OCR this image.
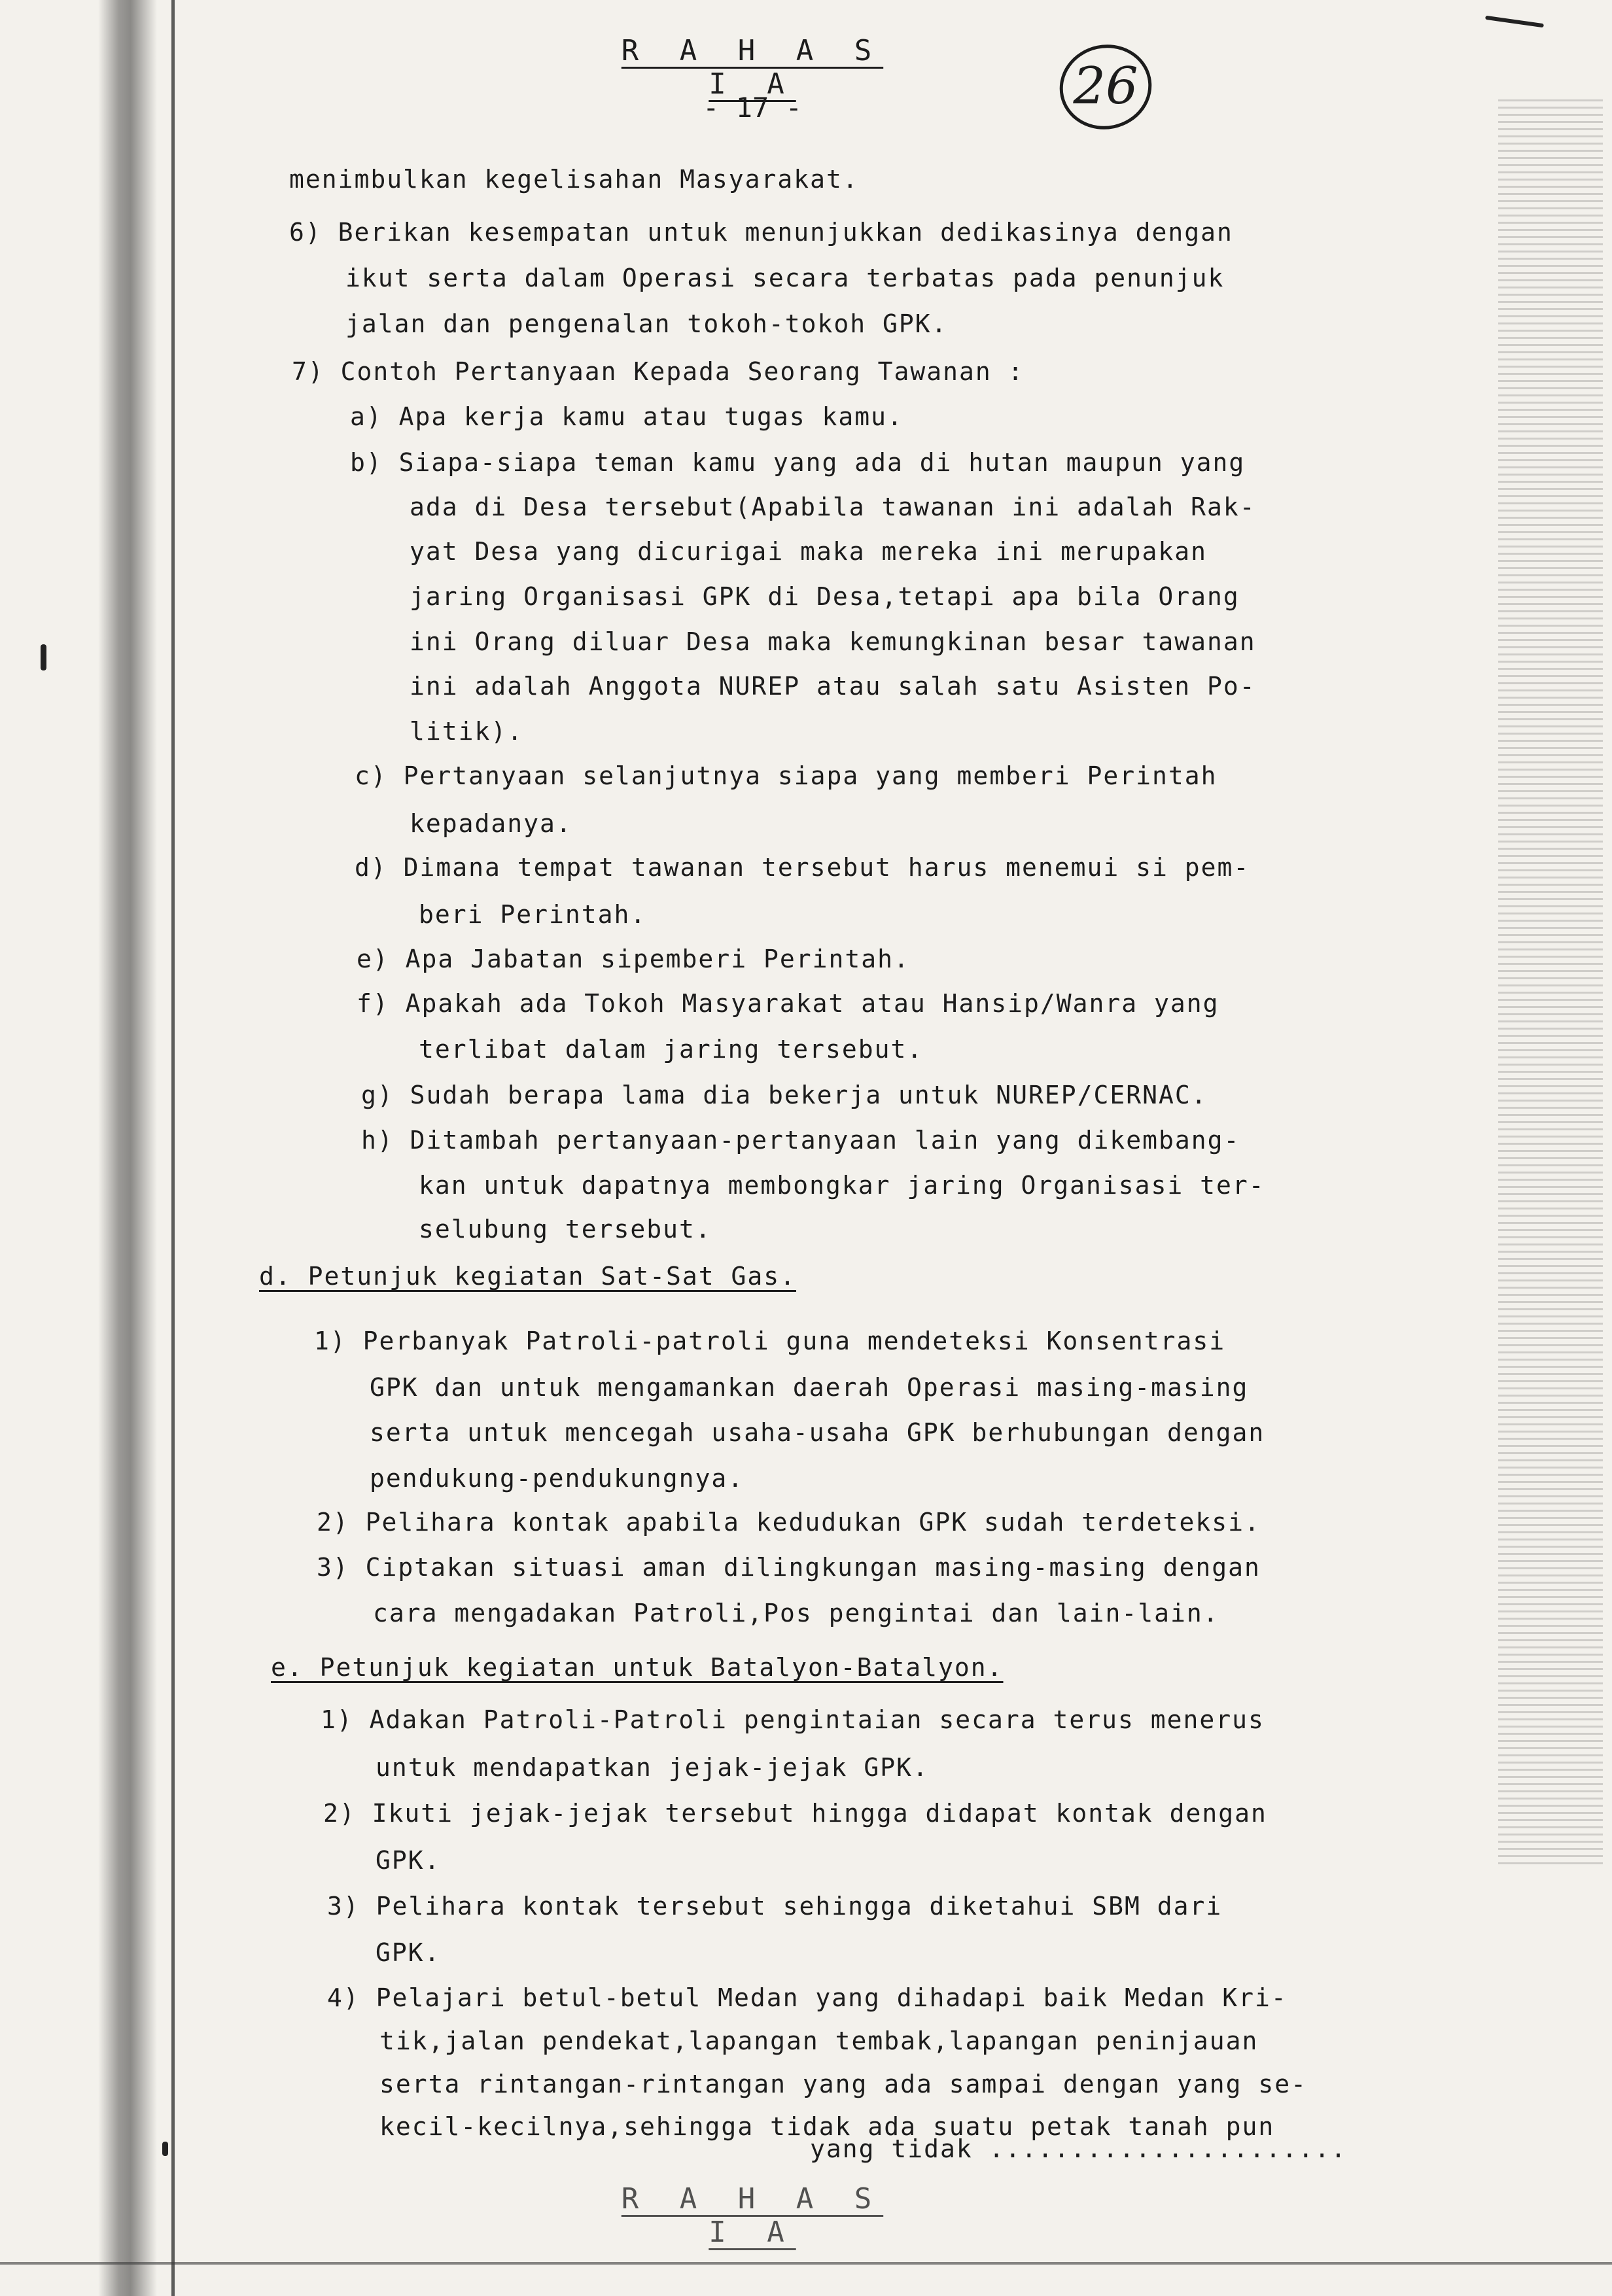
R A H A S I A
- 17 -	26
menimbulkan kegelisahan Masyarakat.
6) Berikan kesempatan untuk menunjukkan dedikasinya dengan
ikut serta dalam Operasi secara terbatas pada penunjuk
jalan dan pengenalan tokoh-tokoh GPK.
7) Contoh Pertanyaan Kepada Seorang Tawanan :
a) Apa kerja kamu atau tugas kamu.
b) Siapa-siapa teman kamu yang ada di hutan maupun yang
ada di Desa tersebut(Apabila tawanan ini adalah Rak-
yat Desa yang dicurigai maka mereka ini merupakan
jaring Organisasi GPK di Desa,tetapi apa bila Orang
ini Orang diluar Desa maka kemungkinan besar tawanan
ini adalah Anggota NUREP atau salah satu Asisten Po-
litik).
c) Pertanyaan selanjutnya siapa yang memberi Perintah
kepadanya.
d) Dimana tempat tawanan tersebut harus menemui si pem-
beri Perintah.
e) Apa Jabatan sipemberi Perintah.
f) Apakah ada Tokoh Masyarakat atau Hansip/Wanra yang
terlibat dalam jaring tersebut.
g) Sudah berapa lama dia bekerja untuk NUREP/CERNAC.
h) Ditambah pertanyaan-pertanyaan lain yang dikembang-
kan untuk dapatnya membongkar jaring Organisasi ter-
selubung tersebut.
d. Petunjuk kegiatan Sat-Sat Gas.
1) Perbanyak Patroli-patroli guna mendeteksi Konsentrasi
GPK dan untuk mengamankan daerah Operasi masing-masing
serta untuk mencegah usaha-usaha GPK berhubungan dengan
pendukung-pendukungnya.
2) Pelihara kontak apabila kedudukan GPK sudah terdeteksi.
3) Ciptakan situasi aman dilingkungan masing-masing dengan
cara mengadakan Patroli,Pos pengintai dan lain-lain.
e. Petunjuk kegiatan untuk Batalyon-Batalyon.
1) Adakan Patroli-Patroli pengintaian secara terus menerus
untuk mendapatkan jejak-jejak GPK.
2) Ikuti jejak-jejak tersebut hingga didapat kontak dengan
GPK.
3) Pelihara kontak tersebut sehingga diketahui SBM dari
GPK.
4) Pelajari betul-betul Medan yang dihadapi baik Medan Kri-
tik,jalan pendekat,lapangan tembak,lapangan peninjauan
serta rintangan-rintangan yang ada sampai dengan yang se-
kecil-kecilnya,sehingga tidak ada suatu petak tanah pun
yang tidak ......................
R A H A S I A
